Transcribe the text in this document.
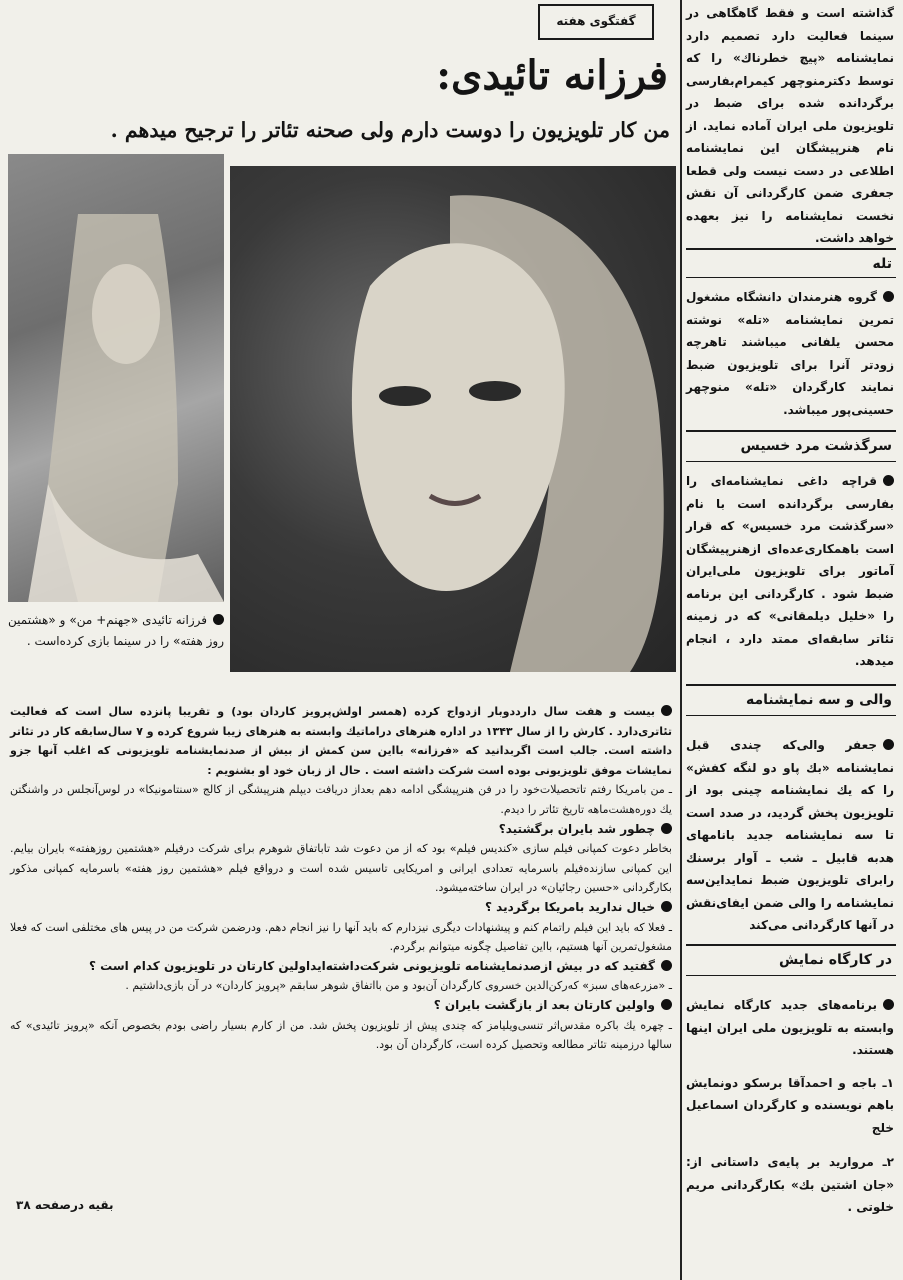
گفتگوی هفته
فرزانه تائیدی:
من کار تلویزیون را دوست دارم ولی صحنه تئاتر را ترجیح میدهم .
فرزانه تائیدی «جهنم+ من» و «هشتمین روز هفته» را در سینما بازی کرده‌است .
گذاشته است و فقط گاهگاهی در سینما فعالیت دارد تصمیم دارد نمایشنامه «پیچ خطرناك» را كه توسط دكترمنوچهر كیمرام‌بفارسی برگردانده شده برای ضبط در تلویزیون ملی ایران آماده نماید. از نام هنرپیشگان این نمایشنامه اطلاعی در دست نیست ولی قطعا جعفری ضمن كارگردانی آن نقش نخست نمایشنامه را نیز بعهده خواهد داشت.
تله
گروه هنرمندان دانشگاه مشغول تمرین نمایشنامه «تله» نوشته محسن یلفانی میباشند تاهرچه زودتر آنرا برای تلویزیون ضبط نمایند كارگردان «تله» منوچهر حسینی‌پور میباشد.
سرگذشت مرد خسیس
قراچه داغی نمایشنامه‌ای را بفارسی برگردانده است با نام «سرگذشت مرد خسیس» كه قرار است باهمكاری‌عده‌ای ازهنرپیشگان آماتور برای تلویزیون ملی‌ایران ضبط شود . كارگردانی این برنامه را «خلیل دیلمقانی» كه در زمینه تئاتر سابقه‌ای ممتد دارد ، انجام میدهد.
والی و سه نمایشنامه
جعفر والی‌كه چندی قبل نمایشنامه «بك پاو دو لنگه كفش» را كه یك نمایشنامه چینی بود از تلویزیون پخش گردید، در صدد است تا سه نمایشنامه جدید بانامهای هدبه قابیل ـ شب ـ آوار برسنك رابرای تلویزیون ضبط نمایداین‌سه نمایشنامه را والی ضمن ایفای‌نقش در آنها كارگردانی می‌كند
در كارگاه نمایش
برنامه‌های جدید كارگاه نمایش وابسته به تلویزیون ملی ایران اینها هستند.
۱ـ باجه و احمدآقا برسكو دونمایش باهم نویسنده و كارگردان اسماعیل خلج
۲ـ مروارید بر پایه‌ی داستانی از: «جان اشتین بك» بكارگردانی مریم خلوتی .
بیست و هفت سال دارددوبار ازدواج كرده (همسر اولش‌پرویز كاردان بود) و تقریبا پانزده سال است كه فعالیت تئاتری‌دارد . كارش را از سال ۱۳۴۳ در اداره هنرهای دراماتیك وابسته به هنرهای زیبا شروع كرده و ۷ سال‌سابقه كار در تئاتر داشته است. جالب است اگربدانید كه «فرزانه» بااین سن كمش از بیش از صدنمایشنامه تلویزیونی كه اغلب آنها جزو نمایشات موفق تلویزیونی بوده است شركت داشته است . حال از زبان خود او بشنویم :
ـ من بامریكا رفتم تاتحصیلات‌خود را در فن هنرپیشگی ادامه دهم بعداز دریافت دیپلم هنرپیشگی از كالج «سنتامونیكا» در لوس‌آنجلس در واشنگتن یك دوره‌هشت‌ماهه تاریخ تئاتر را دیدم.
چطور شد بایران برگشتید؟
بخاطر دعوت كمپانی فیلم سازی «كندیس فیلم» بود كه از من دعوت شد تاباتفاق شوهرم برای شركت درفیلم «هشتمین روزهفته» بایران بیایم. این كمپانی سازنده‌فیلم باسرمایه تعدادی ایرانی و امریكایی تاسیس شده است و درواقع فیلم «هشتمین روز هفته» باسرمایه كمپانی مذكور بكارگردانی «حسین رجائیان» در ایران ساخته‌میشود.
خیال ندارید بامریكا برگردید ؟
ـ فعلا كه باید این فیلم راتمام كنم و پیشنهادات دیگری نیزدارم كه باید آنها را نیز انجام دهم. ودرضمن شركت من در پیس های مختلفی است كه فعلا مشغول‌تمرین آنها هستیم، بااین تفاصیل چگونه میتوانم برگردم.
گفتید كه در بیش ازصدنمایشنامه تلویزیونی شركت‌داشته‌ایداولین كارتان در تلویزیون كدام است ؟
ـ «مزرعه‌های سبز» كه‌ركن‌الدین خسروی كارگردان آن‌بود و من بااتفاق شوهر سابقم «پرویز كاردان» در آن بازی‌داشتیم .
واولین كارتان بعد از بازگشت بایران ؟
ـ چهره یك باكره مقدس‌اثر تنسی‌ویلیامز كه چندی پیش از تلویزیون پخش شد. من از كارم بسیار راضی بودم بخصوص آنكه «پرویز تائیدی» كه سالها درزمینه تئاتر مطالعه وتحصیل كرده است، كارگردان آن بود.
بقیه درصفحه ۳۸
